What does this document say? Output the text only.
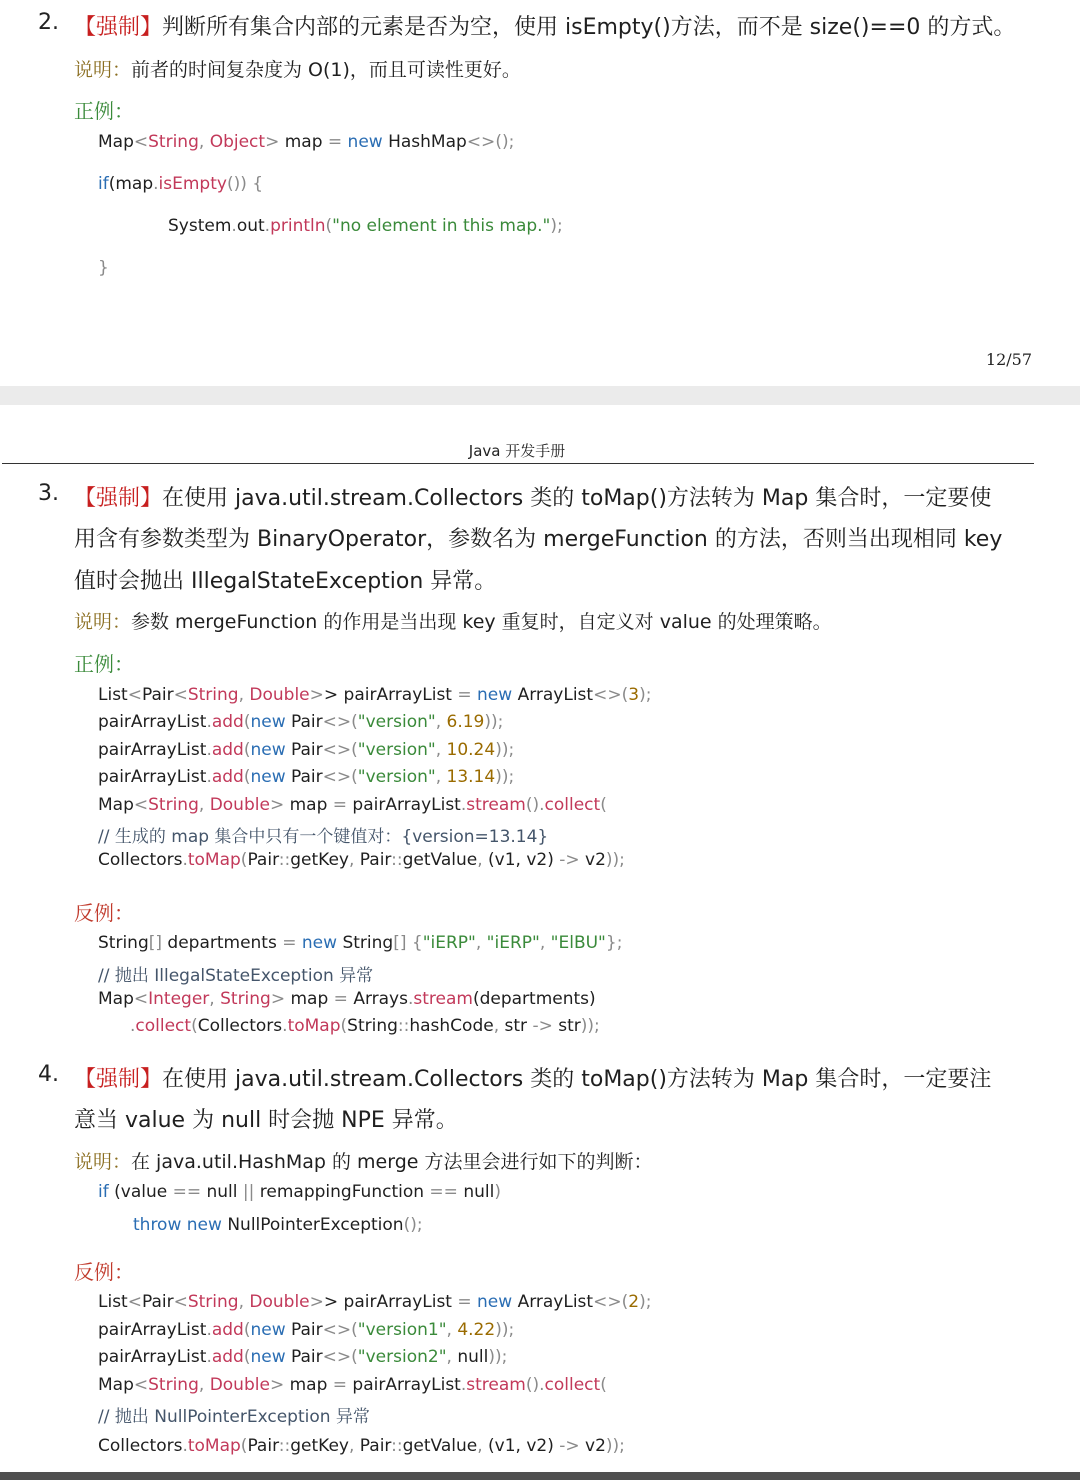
2. 【强制】判断所有集合内部的元素是否为空，使用 isEmpty()方法，而不是 size()==0 的方式。
说明：前者的时间复杂度为 O(1)，而且可读性更好。
正例：
Map<String, Object> map = new HashMap<>();
if(map.isEmpty()) {
System.out.println("no element in this map.");
}
12/57
Java 开发手册
3. 【强制】在使用 java.util.stream.Collectors 类的 toMap()方法转为 Map 集合时，一定要使
用含有参数类型为 BinaryOperator，参数名为 mergeFunction 的方法，否则当出现相同 key
值时会抛出 IllegalStateException 异常。
说明：参数 mergeFunction 的作用是当出现 key 重复时，自定义对 value 的处理策略。
正例：
List<Pair<String, Double>> pairArrayList = new ArrayList<>(3);
pairArrayList.add(new Pair<>("version", 6.19));
pairArrayList.add(new Pair<>("version", 10.24));
pairArrayList.add(new Pair<>("version", 13.14));
Map<String, Double> map = pairArrayList.stream().collect(
// 生成的 map 集合中只有一个键值对：{version=13.14}
Collectors.toMap(Pair::getKey, Pair::getValue, (v1, v2) -> v2));
反例：
String[] departments = new String[] {"iERP", "iERP", "ElBU"};
// 抛出 IllegalStateException 异常
Map<Integer, String> map = Arrays.stream(departments)
.collect(Collectors.toMap(String::hashCode, str -> str));
4. 【强制】在使用 java.util.stream.Collectors 类的 toMap()方法转为 Map 集合时，一定要注
意当 value 为 null 时会抛 NPE 异常。
说明：在 java.util.HashMap 的 merge 方法里会进行如下的判断：
if (value == null || remappingFunction == null)
throw new NullPointerException();
反例：
List<Pair<String, Double>> pairArrayList = new ArrayList<>(2);
pairArrayList.add(new Pair<>("version1", 4.22));
pairArrayList.add(new Pair<>("version2", null));
Map<String, Double> map = pairArrayList.stream().collect(
// 抛出 NullPointerException 异常
Collectors.toMap(Pair::getKey, Pair::getValue, (v1, v2) -> v2));
